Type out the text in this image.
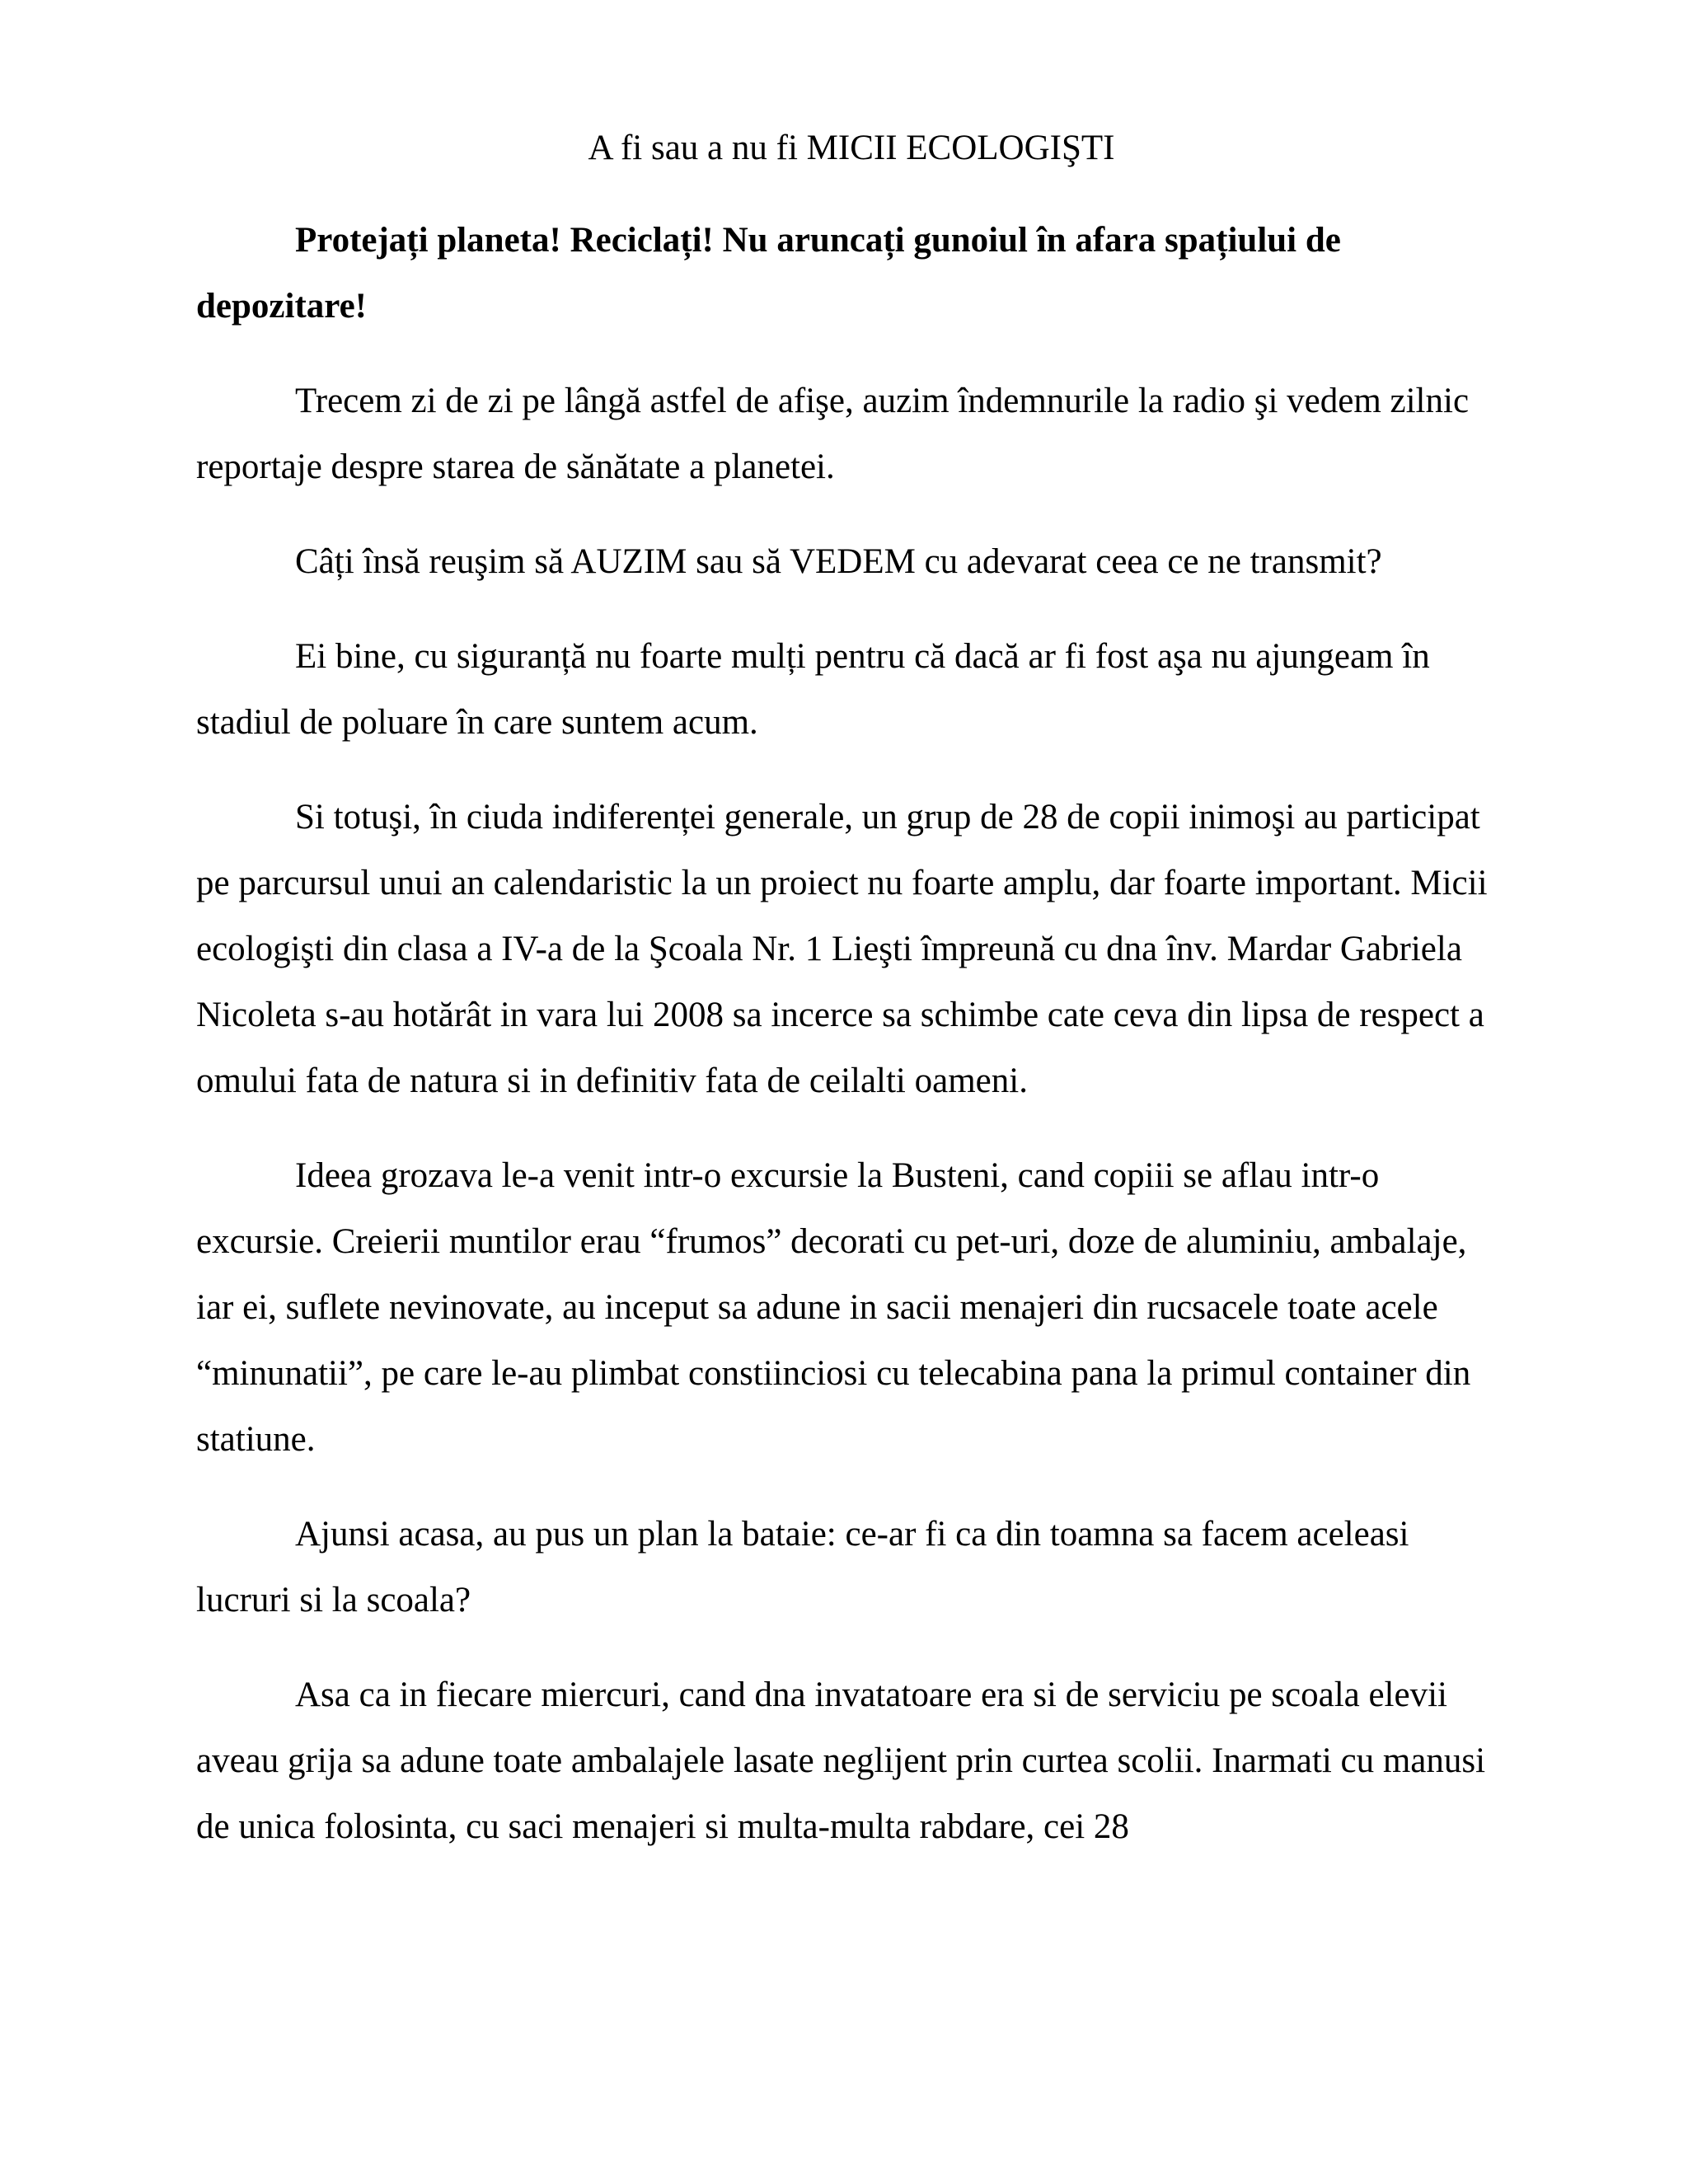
A fi sau a nu fi MICII ECOLOGIŞTI

Protejați planeta! Reciclați! Nu aruncați gunoiul în afara spațiului de depozitare!

Trecem zi de zi pe lângă astfel de afişe, auzim îndemnurile la radio şi vedem zilnic reportaje despre starea de sănătate a planetei.

Câți însă reuşim să AUZIM sau să VEDEM cu adevarat ceea ce ne transmit?

Ei bine, cu siguranță nu foarte mulți pentru că dacă ar fi fost aşa nu ajungeam în stadiul de poluare în care suntem acum.

Si totuşi, în ciuda indiferenței generale, un grup de 28 de copii inimoşi au participat pe parcursul unui an calendaristic la un proiect nu foarte amplu, dar foarte important. Micii ecologişti din clasa a IV-a de la Şcoala Nr. 1 Lieşti împreună cu dna înv. Mardar Gabriela Nicoleta s-au hotărât in vara lui 2008 sa incerce sa schimbe cate ceva din lipsa de respect a omului fata de natura si in definitiv fata de ceilalti oameni.

Ideea grozava le-a venit intr-o excursie la Busteni, cand copiii se aflau intr-o excursie. Creierii muntilor erau “frumos” decorati cu pet-uri, doze de aluminiu, ambalaje, iar ei, suflete nevinovate, au inceput sa adune in sacii menajeri din rucsacele toate acele “minunatii”, pe care le-au plimbat constiinciosi cu telecabina pana la primul container din statiune.

Ajunsi acasa, au pus un plan la bataie: ce-ar fi ca din toamna sa facem aceleasi lucruri si la scoala?

Asa ca in fiecare miercuri, cand dna invatatoare era si de serviciu pe scoala elevii aveau grija sa adune toate ambalajele lasate neglijent prin curtea scolii. Inarmati cu manusi de unica folosinta, cu saci menajeri si multa-multa rabdare, cei 28
